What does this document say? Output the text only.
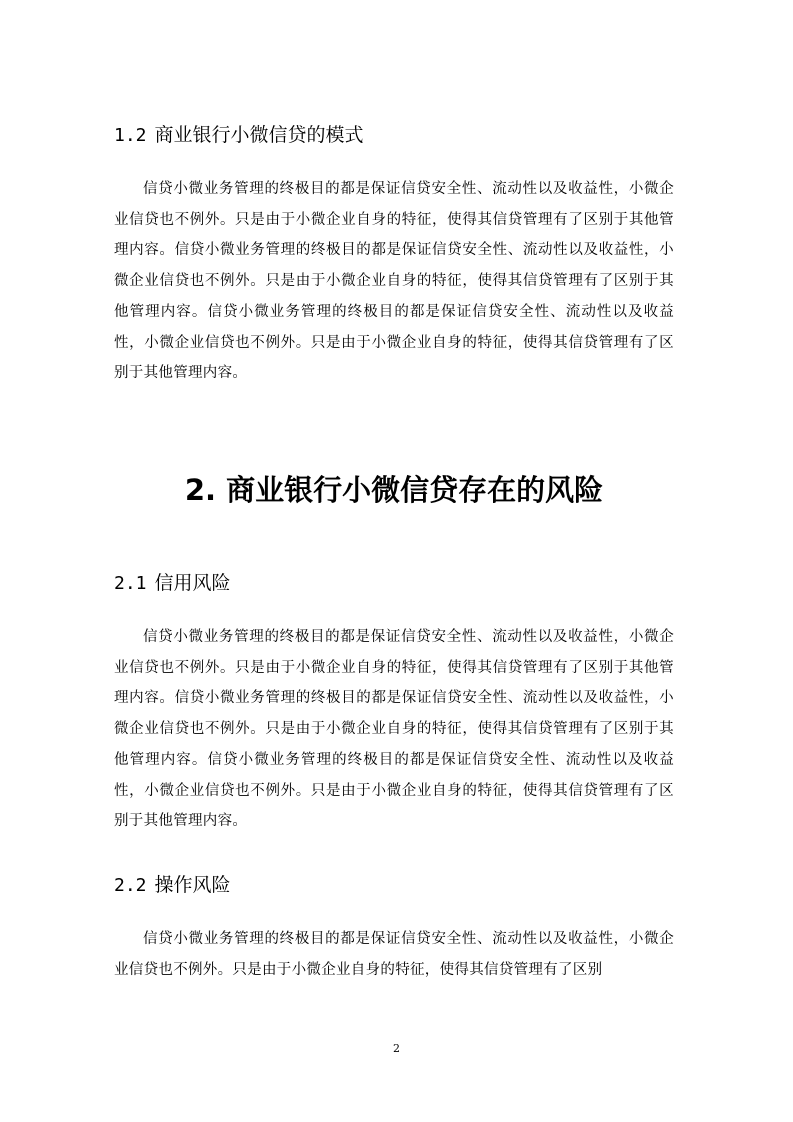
1.2 商业银行小微信贷的模式

信贷小微业务管理的终极目的都是保证信贷安全性、流动性以及收益性，小微企业信贷也不例外。只是由于小微企业自身的特征，使得其信贷管理有了区别于其他管理内容。信贷小微业务管理的终极目的都是保证信贷安全性、流动性以及收益性，小微企业信贷也不例外。只是由于小微企业自身的特征，使得其信贷管理有了区别于其他管理内容。信贷小微业务管理的终极目的都是保证信贷安全性、流动性以及收益性，小微企业信贷也不例外。只是由于小微企业自身的特征，使得其信贷管理有了区别于其他管理内容。

2. 商业银行小微信贷存在的风险
2.1 信用风险

信贷小微业务管理的终极目的都是保证信贷安全性、流动性以及收益性，小微企业信贷也不例外。只是由于小微企业自身的特征，使得其信贷管理有了区别于其他管理内容。信贷小微业务管理的终极目的都是保证信贷安全性、流动性以及收益性，小微企业信贷也不例外。只是由于小微企业自身的特征，使得其信贷管理有了区别于其他管理内容。信贷小微业务管理的终极目的都是保证信贷安全性、流动性以及收益性，小微企业信贷也不例外。只是由于小微企业自身的特征，使得其信贷管理有了区别于其他管理内容。

2.2 操作风险

信贷小微业务管理的终极目的都是保证信贷安全性、流动性以及收益性，小微企业信贷也不例外。只是由于小微企业自身的特征，使得其信贷管理有了区别

2
